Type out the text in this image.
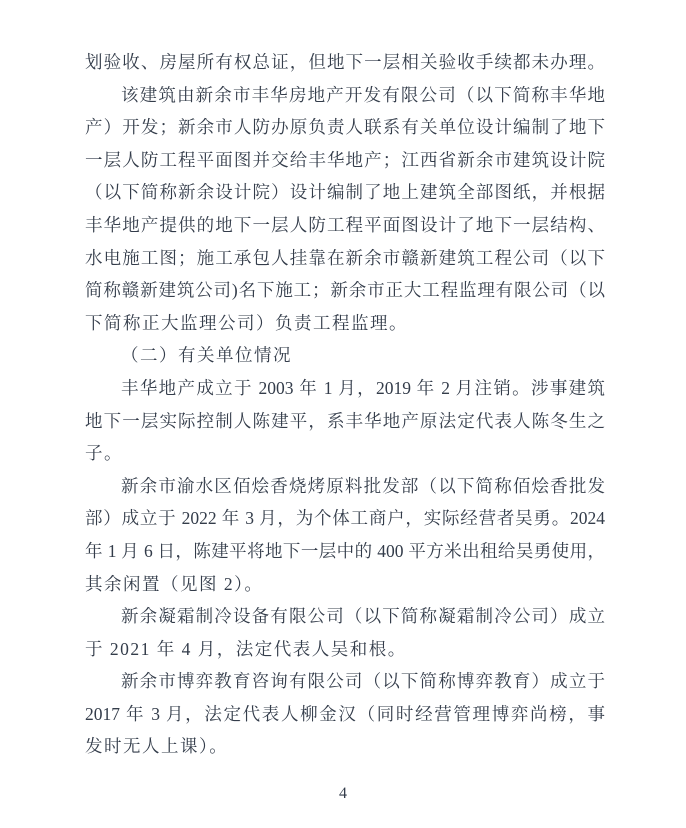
划验收、房屋所有权总证，但地下一层相关验收手续都未办理。
该建筑由新余市丰华房地产开发有限公司（以下简称丰华地
产）开发；新余市人防办原负责人联系有关单位设计编制了地下
一层人防工程平面图并交给丰华地产；江西省新余市建筑设计院
（以下简称新余设计院）设计编制了地上建筑全部图纸，并根据
丰华地产提供的地下一层人防工程平面图设计了地下一层结构、
水电施工图；施工承包人挂靠在新余市赣新建筑工程公司（以下
简称赣新建筑公司)名下施工；新余市正大工程监理有限公司（以
下简称正大监理公司）负责工程监理。
（二）有关单位情况
丰华地产成立于 2003 年 1 月，2019 年 2 月注销。涉事建筑
地下一层实际控制人陈建平，系丰华地产原法定代表人陈冬生之
子。
新余市渝水区佰烩香烧烤原料批发部（以下简称佰烩香批发
部）成立于 2022 年 3 月，为个体工商户，实际经营者吴勇。2024
年 1 月 6 日，陈建平将地下一层中的 400 平方米出租给吴勇使用，
其余闲置（见图 2）。
新余凝霜制冷设备有限公司（以下简称凝霜制冷公司）成立
于 2021 年 4 月，法定代表人吴和根。
新余市博弈教育咨询有限公司（以下简称博弈教育）成立于
2017 年 3 月，法定代表人柳金汉（同时经营管理博弈尚榜，事
发时无人上课）。
4
